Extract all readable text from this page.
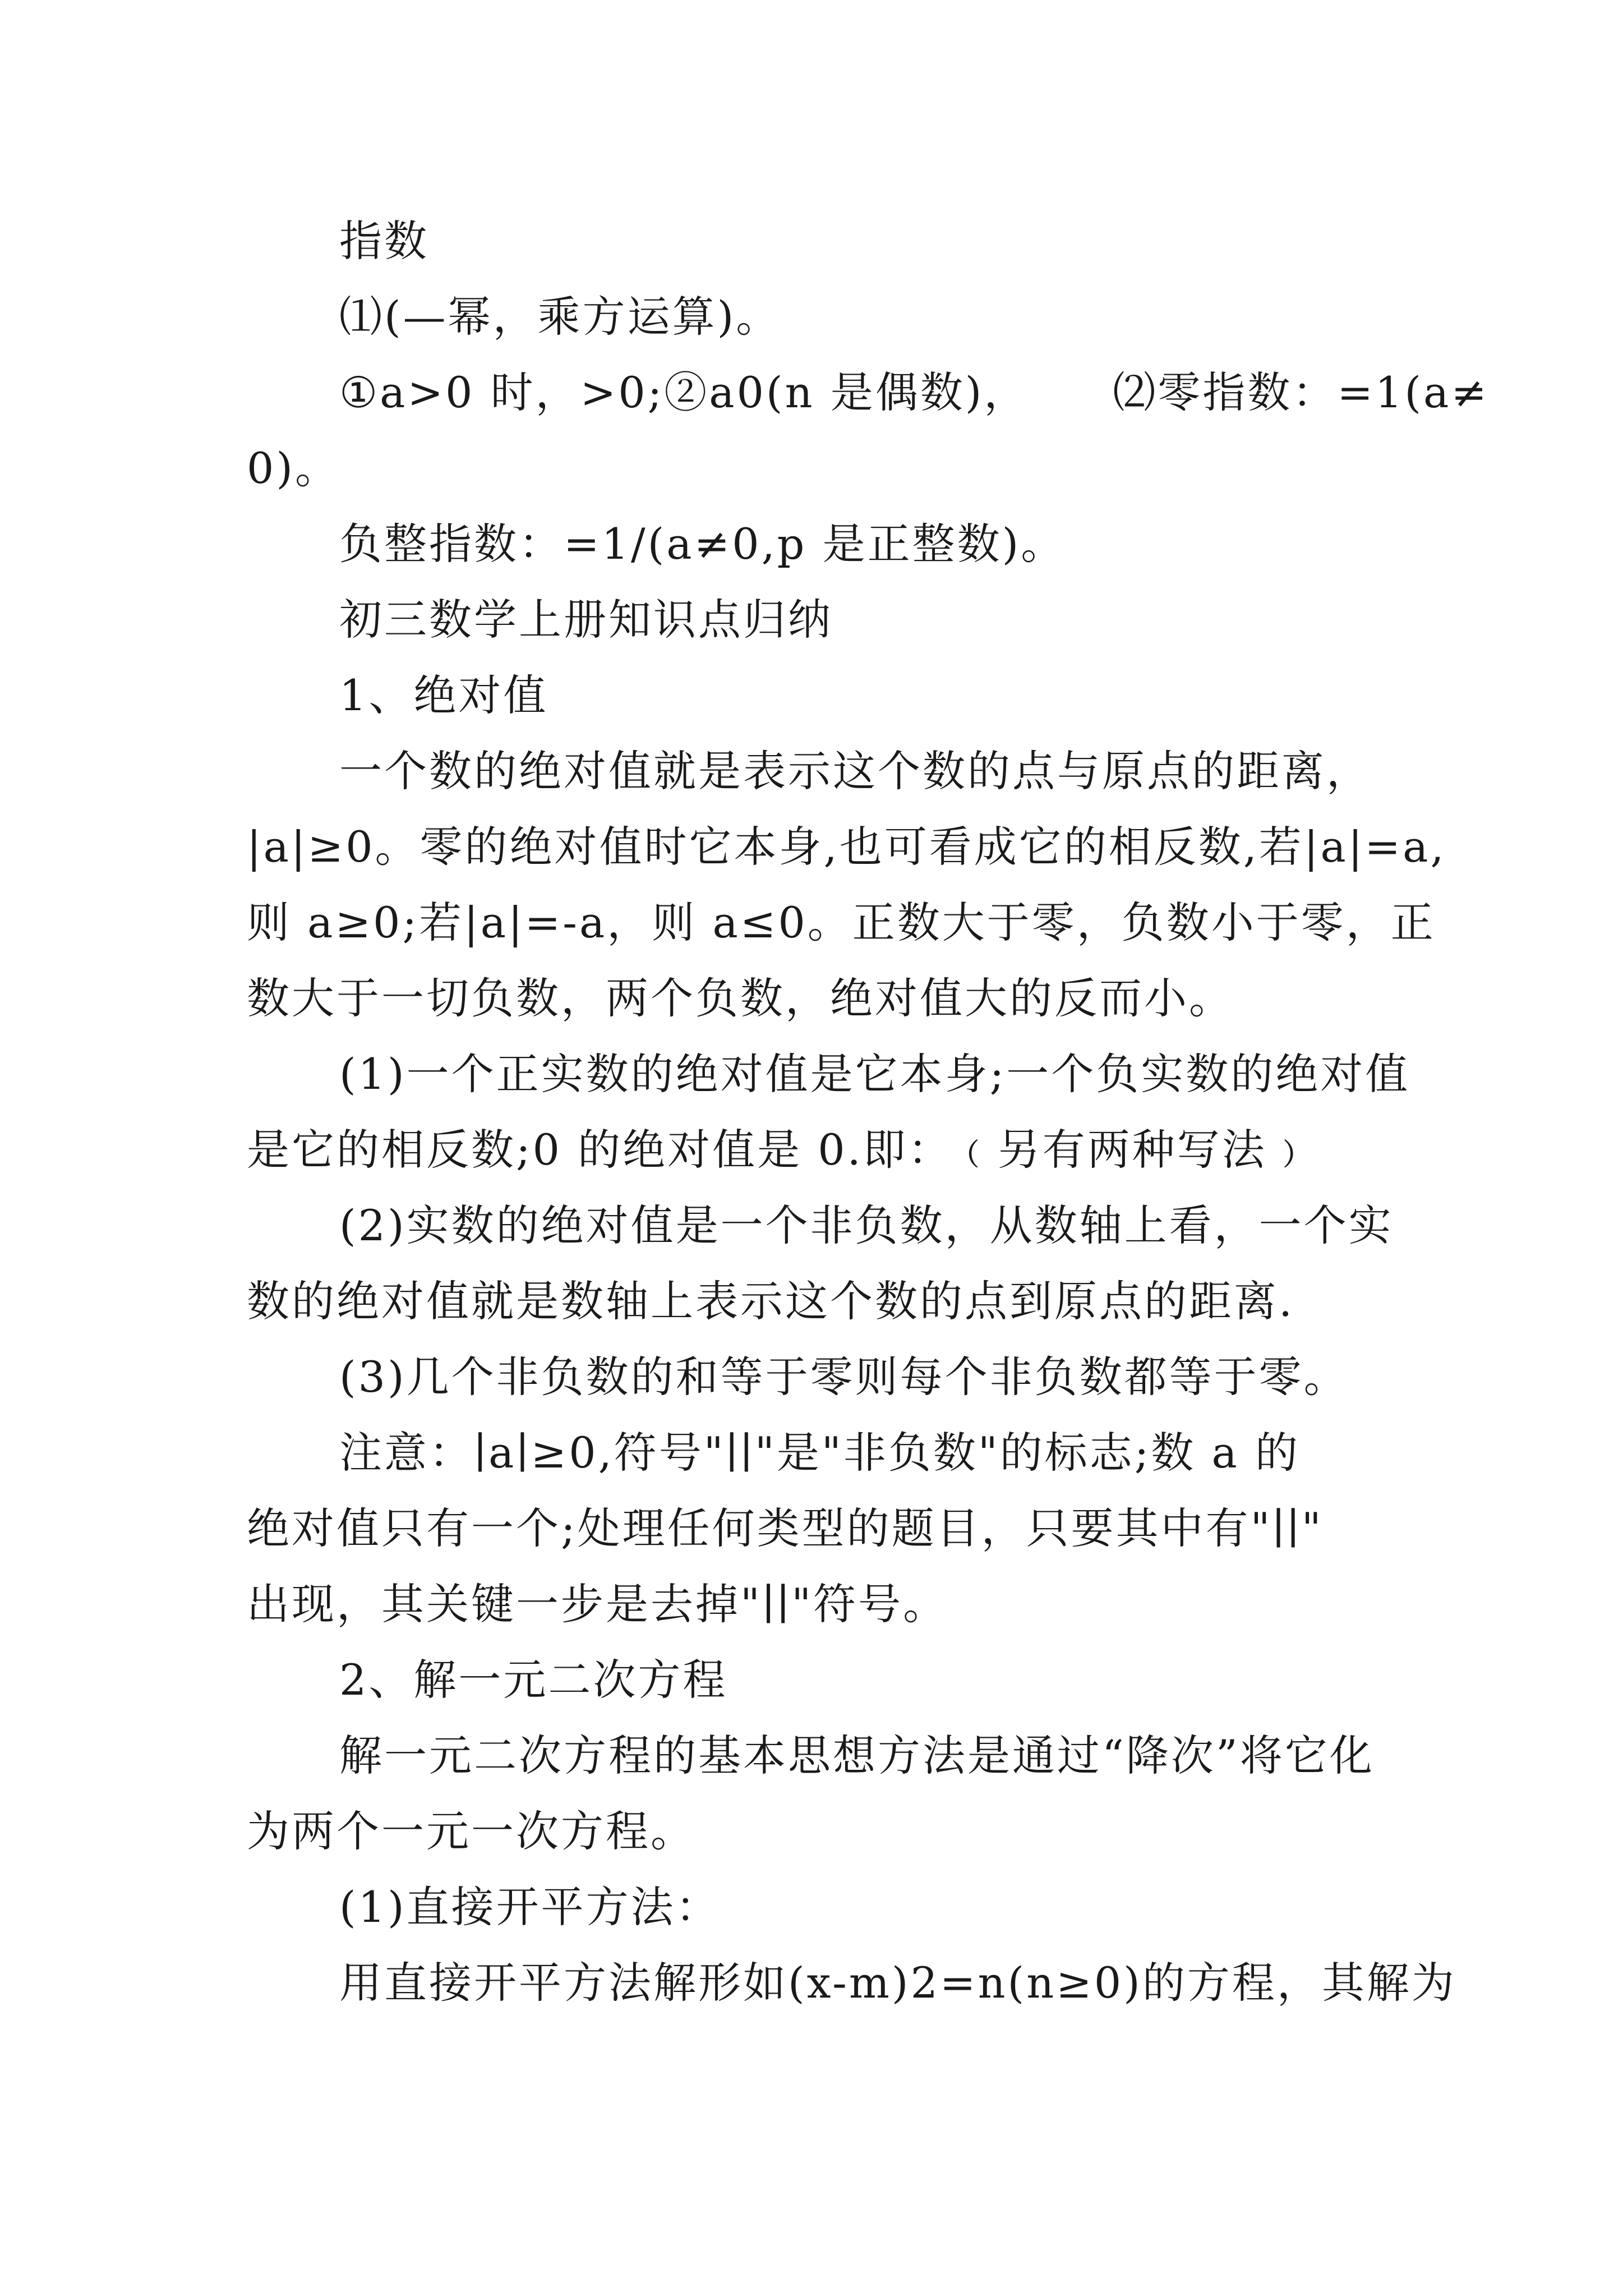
指数
⑴(—幂，乘方运算)。
①a>0 时，>0;②a0(n 是偶数)， ⑵零指数：=1(a≠
0)。
负整指数：=1/(a≠0,p 是正整数)。
初三数学上册知识点归纳
1、绝对值
一个数的绝对值就是表示这个数的点与原点的距离，
|a|≥0。零的绝对值时它本身,也可看成它的相反数,若|a|=a,
则 a≥0;若|a|=-a，则 a≤0。正数大于零，负数小于零，正
数大于一切负数，两个负数，绝对值大的反而小。
(1)一个正实数的绝对值是它本身;一个负实数的绝对值
是它的相反数;0 的绝对值是 0.即：﹙另有两种写法﹚
(2)实数的绝对值是一个非负数，从数轴上看，一个实
数的绝对值就是数轴上表示这个数的点到原点的距离.
(3)几个非负数的和等于零则每个非负数都等于零。
注意：∣a∣≥0,符号"∣∣"是"非负数"的标志;数 a 的
绝对值只有一个;处理任何类型的题目，只要其中有"∣∣"
出现，其关键一步是去掉"∣∣"符号。
2、解一元二次方程
解一元二次方程的基本思想方法是通过“降次”将它化
为两个一元一次方程。
(1)直接开平方法：
用直接开平方法解形如(x-m)2=n(n≥0)的方程，其解为
